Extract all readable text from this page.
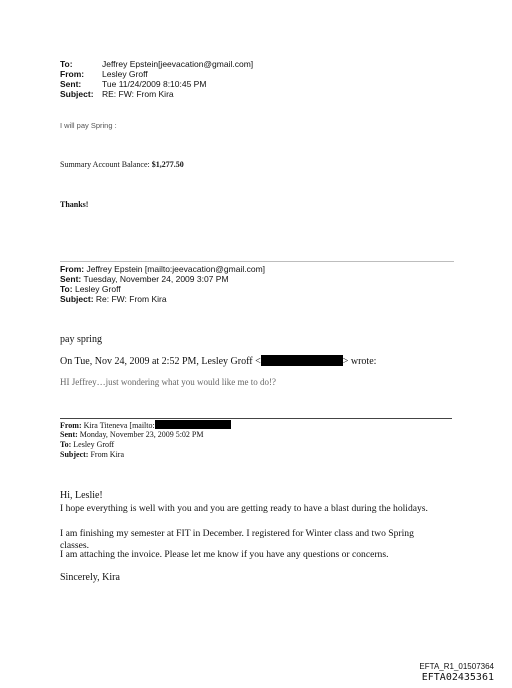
To:	Jeffrey Epstein[jeevacation@gmail.com]
From: Lesley Groff
Sent: Tue 11/24/2009 8:10:45 PM
Subject: RE: FW: From Kira
I will pay Spring :
Summary Account Balance: $1,277.50
Thanks!
From: Jeffrey Epstein [mailto:jeevacation@gmail.com]
Sent: Tuesday, November 24, 2009 3:07 PM
To: Lesley Groff
Subject: Re: FW: From Kira
pay spring
On Tue, Nov 24, 2009 at 2:52 PM, Lesley Groff <	> wrote:
HI Jeffrey…just wondering what you would like me to do!?
From: Kira Titeneva [mailto:
Sent: Monday, November 23, 2009 5:02 PM
To: Lesley Groff
Subject: From Kira
Hi, Leslie!
I hope everything is well with you and you are getting ready to have a blast during the holidays.
I am finishing my semester at FIT in December. I registered for Winter class and two Spring
classes.
I am attaching the invoice. Please let me know if you have any questions or concerns.
Sincerely, Kira
EFTA_R1_01507364
EFTA02435361
